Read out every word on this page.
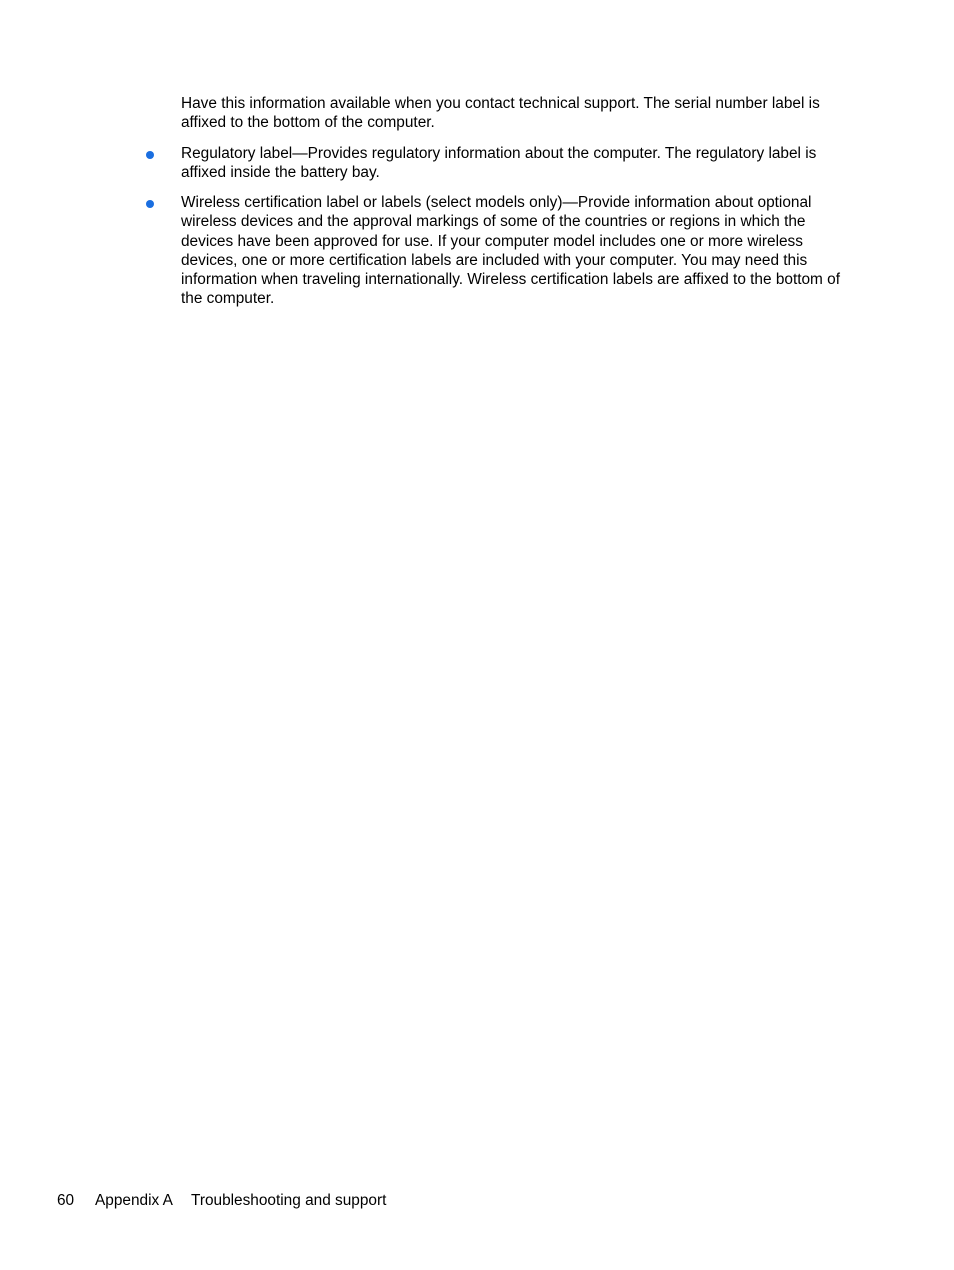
Have this information available when you contact technical support. The serial number label is affixed to the bottom of the computer.

Regulatory label—Provides regulatory information about the computer. The regulatory label is affixed inside the battery bay.

Wireless certification label or labels (select models only)—Provide information about optional wireless devices and the approval markings of some of the countries or regions in which the devices have been approved for use. If your computer model includes one or more wireless devices, one or more certification labels are included with your computer. You may need this information when traveling internationally. Wireless certification labels are affixed to the bottom of the computer.

60 Appendix A Troubleshooting and support
